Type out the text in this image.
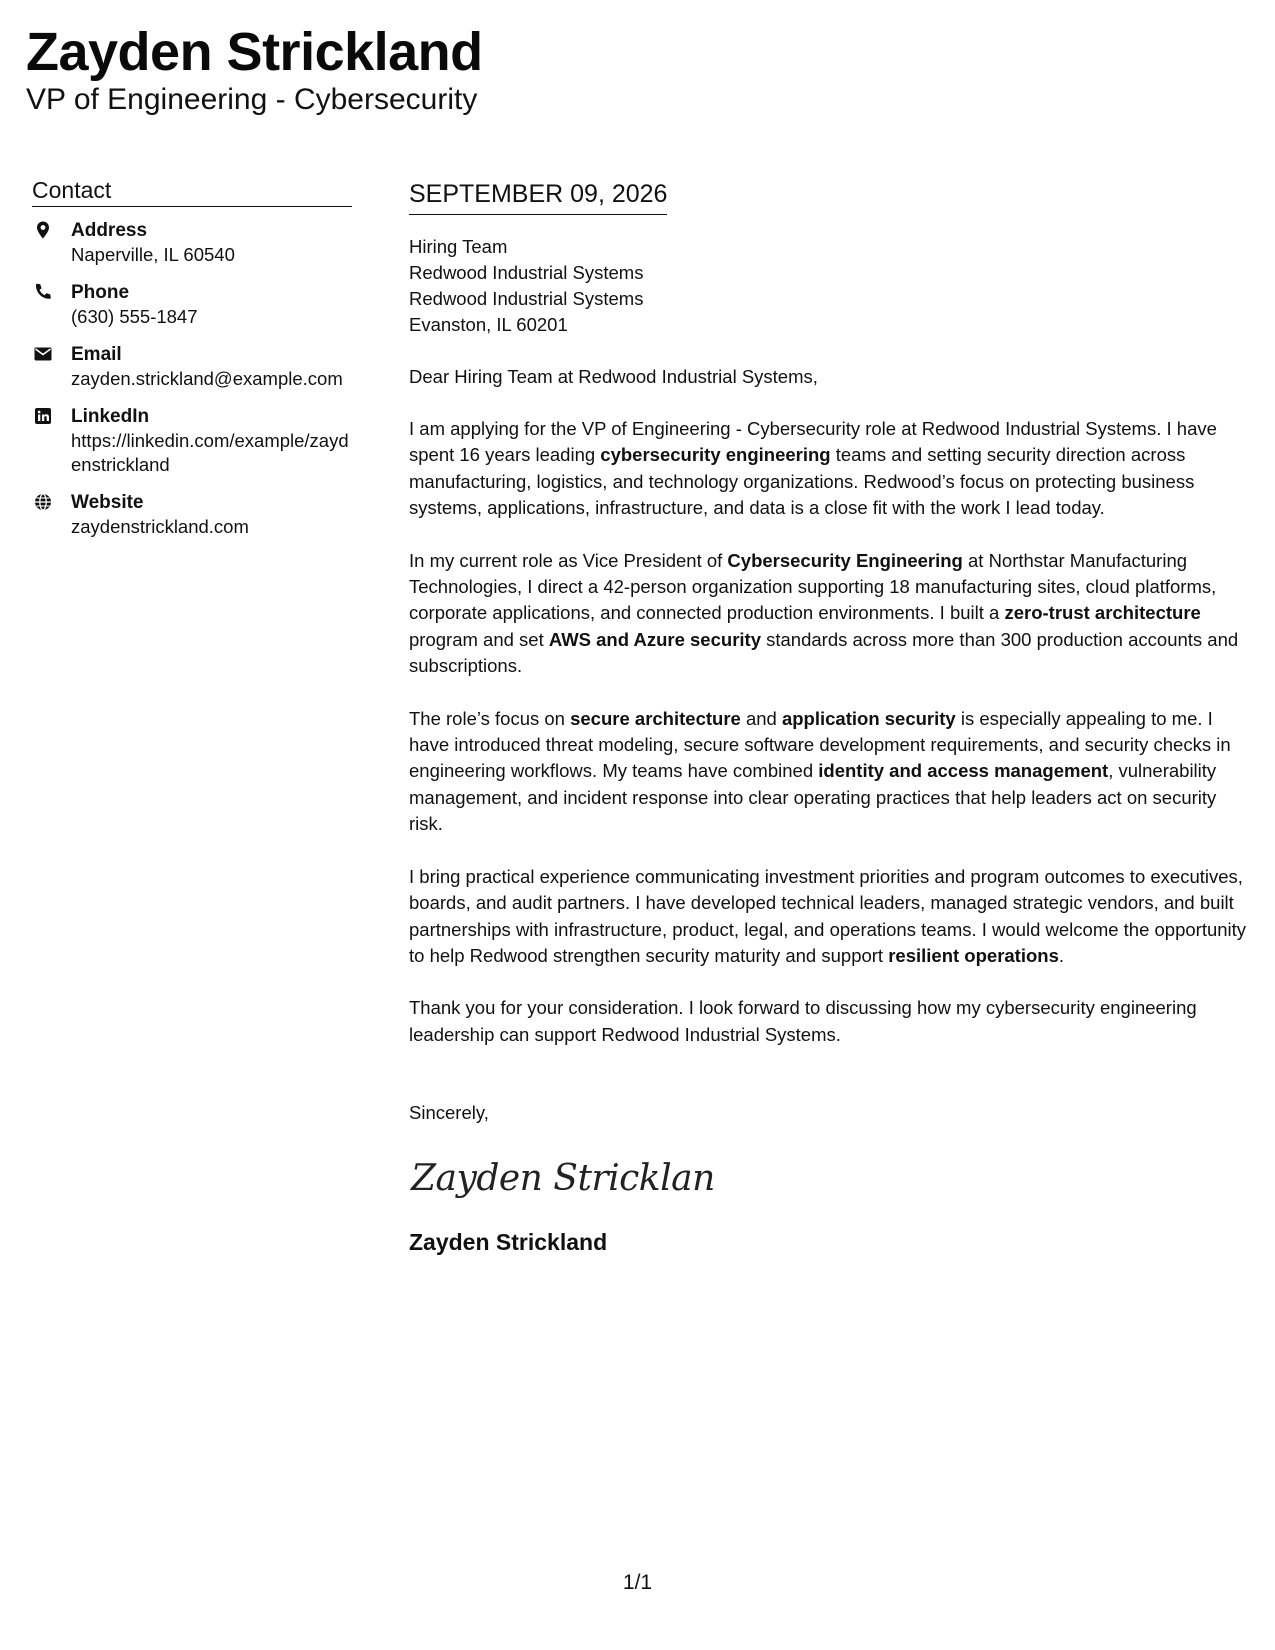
Zayden Strickland
VP of Engineering - Cybersecurity
Contact
Address
Naperville, IL 60540
Phone
(630) 555-1847
Email
zayden.strickland@example.com
LinkedIn
https://linkedin.com/example/zaydenstrickland
Website
zaydenstrickland.com
SEPTEMBER 09, 2026
Hiring Team
Redwood Industrial Systems
Redwood Industrial Systems
Evanston, IL 60201
Dear Hiring Team at Redwood Industrial Systems,
I am applying for the VP of Engineering - Cybersecurity role at Redwood Industrial Systems. I have spent 16 years leading cybersecurity engineering teams and setting security direction across manufacturing, logistics, and technology organizations. Redwood’s focus on protecting business systems, applications, infrastructure, and data is a close fit with the work I lead today.
In my current role as Vice President of Cybersecurity Engineering at Northstar Manufacturing Technologies, I direct a 42-person organization supporting 18 manufacturing sites, cloud platforms, corporate applications, and connected production environments. I built a zero-trust architecture program and set AWS and Azure security standards across more than 300 production accounts and subscriptions.
The role’s focus on secure architecture and application security is especially appealing to me. I have introduced threat modeling, secure software development requirements, and security checks in engineering workflows. My teams have combined identity and access management, vulnerability management, and incident response into clear operating practices that help leaders act on security risk.
I bring practical experience communicating investment priorities and program outcomes to executives, boards, and audit partners. I have developed technical leaders, managed strategic vendors, and built partnerships with infrastructure, product, legal, and operations teams. I would welcome the opportunity to help Redwood strengthen security maturity and support resilient operations.
Thank you for your consideration. I look forward to discussing how my cybersecurity engineering leadership can support Redwood Industrial Systems.
Sincerely,
Zayden Stricklan
Zayden Strickland
1/1
